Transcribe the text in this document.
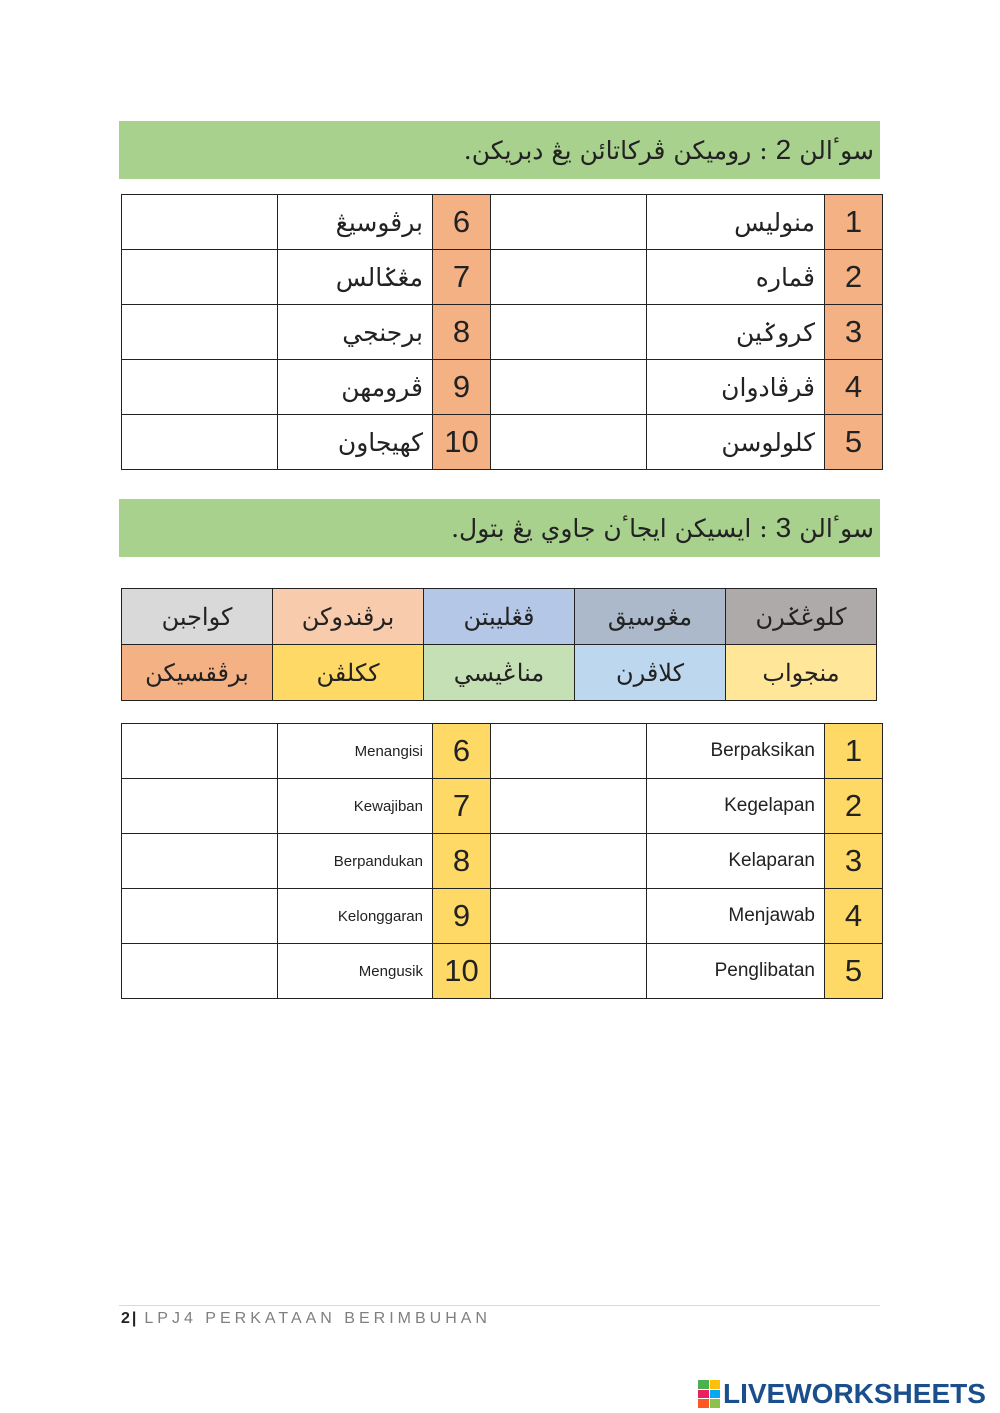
سوٴالن
2
: رومیكن ڤركاتائن يڠ دبريكن.
	برڤوسيڠ	6		منوليس	1
	مڠݢالس	7		ڤماره	2
	برجنجي	8		كروݢين	3
	ڤرومهن	9		ڤرڤادوان	4
	كهيجاون	10		كلولوسن	5
سوٴالن
3
: ايسيكن ايجاٴن جاوي يڠ بتول.
كواجبن	برڤندوكن	ڤڠليبتن	مڠوسيق	كلوڠݢرن
برڤقسيكن	ككلڤن	مناڠيسي	كلاڤرن	منجواب
	Menangisi	6		Berpaksikan	1
	Kewajiban	7		Kegelapan	2
	Berpandukan	8		Kelaparan	3
	Kelonggaran	9		Menjawab	4
	Mengusik	10		Penglibatan	5
2 | LPJ4 PERKATAAN BERIMBUHAN
LIVEWORKSHEETS
